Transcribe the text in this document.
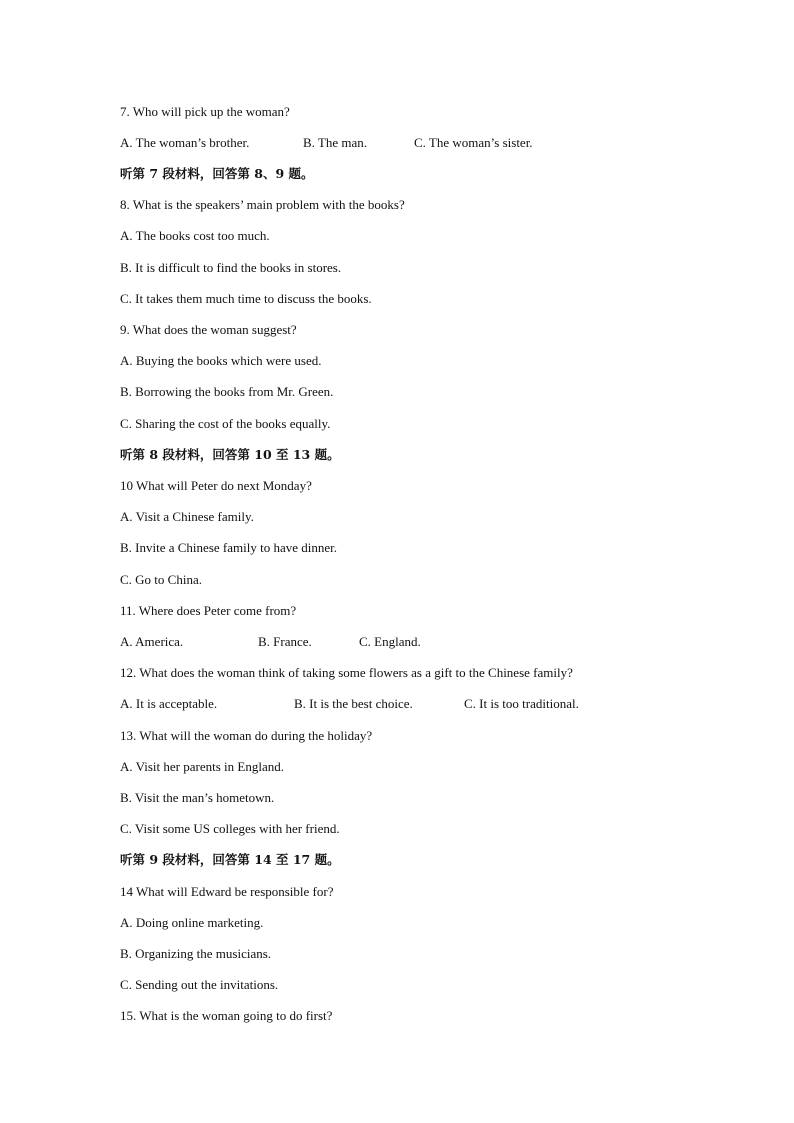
7. Who will pick up the woman?
A. The woman’s brother.	B. The man.	C. The woman’s sister.
听第 7 段材料，回答第 8、9 题。
8. What is the speakers’ main problem with the books?
A. The books cost too much.
B. It is difficult to find the books in stores.
C. It takes them much time to discuss the books.
9. What does the woman suggest?
A. Buying the books which were used.
B. Borrowing the books from Mr. Green.
C. Sharing the cost of the books equally.
听第 8 段材料，回答第 10 至 13 题。
10 What will Peter do next Monday?
A. Visit a Chinese family.
B. Invite a Chinese family to have dinner.
C. Go to China.
11. Where does Peter come from?
A. America.	B. France.	C. England.
12. What does the woman think of taking some flowers as a gift to the Chinese family?
A. It is acceptable.	B. It is the best choice.	C. It is too traditional.
13. What will the woman do during the holiday?
A. Visit her parents in England.
B. Visit the man’s hometown.
C. Visit some US colleges with her friend.
听第 9 段材料，回答第 14 至 17 题。
14 What will Edward be responsible for?
A. Doing online marketing.
B. Organizing the musicians.
C. Sending out the invitations.
15. What is the woman going to do first?
